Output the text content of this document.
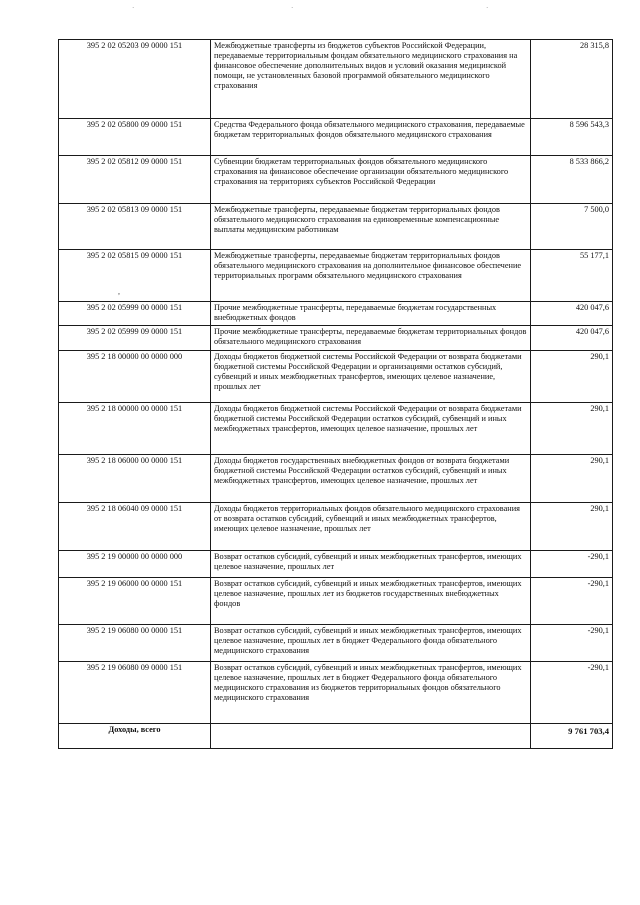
·	·	·
395 2 02 05203 09 0000 151	Межбюджетные трансферты из бюджетов субъектов Российской Федерации, передаваемые территориальным фондам обязательного медицинского страхования на финансовое обеспечение дополнительных видов и условий оказания медицинской помощи, не установленных базовой программой обязательного медицинского страхования	28 315,8
395 2 02 05800 09 0000 151	Средства Федерального фонда обязательного медицинского страхования, передаваемые бюджетам территориальных фондов обязательного медицинского страхования	8 596 543,3
395 2 02 05812 09 0000 151	Субвенции бюджетам территориальных фондов обязательного медицинского страхования на финансовое обеспечение организации обязательного медицинского страхования на территориях субъектов Российской Федерации	8 533 866,2
395 2 02 05813 09 0000 151	Межбюджетные трансферты, передаваемые бюджетам территориальных фондов обязательного медицинского страхования на единовременные компенсационные выплаты медицинским работникам	7 500,0
395 2 02 05815 09 0000 151	Межбюджетные трансферты, передаваемые бюджетам территориальных фондов обязательного медицинского страхования на дополнительное финансовое обеспечение территориальных программ обязательного медицинского страхования	55 177,1
395 2 02 05999 00 0000 151	Прочие межбюджетные трансферты, передаваемые бюджетам государственных внебюджетных фондов	420 047,6
395 2 02 05999 09 0000 151	Прочие межбюджетные трансферты, передаваемые бюджетам территориальных фондов обязательного медицинского страхования	420 047,6
395 2 18 00000 00 0000 000	Доходы бюджетов бюджетной системы Российской Федерации от возврата бюджетами бюджетной системы Российской Федерации и организациями остатков субсидий, субвенций и иных межбюджетных трансфертов, имеющих целевое назначение, прошлых лет	290,1
395 2 18 00000 00 0000 151	Доходы бюджетов бюджетной системы Российской Федерации от возврата бюджетами бюджетной системы Российской Федерации остатков субсидий, субвенций и иных межбюджетных трансфертов, имеющих целевое назначение, прошлых лет	290,1
395 2 18 06000 00 0000 151	Доходы бюджетов государственных внебюджетных фондов от возврата бюджетами бюджетной системы Российской Федерации остатков субсидий, субвенций и иных межбюджетных трансфертов, имеющих целевое назначение, прошлых лет	290,1
395 2 18 06040 09 0000 151	Доходы бюджетов территориальных фондов обязательного медицинского страхования от возврата остатков субсидий, субвенций и иных межбюджетных трансфертов, имеющих целевое назначение, прошлых лет	290,1
395 2 19 00000 00 0000 000	Возврат остатков субсидий, субвенций и иных межбюджетных трансфертов, имеющих целевое назначение, прошлых лет	-290,1
395 2 19 06000 00 0000 151	Возврат остатков субсидий, субвенций и иных межбюджетных трансфертов, имеющих целевое назначение, прошлых лет из бюджетов государственных внебюджетных фондов	-290,1
395 2 19 06080 00 0000 151	Возврат остатков субсидий, субвенций и иных межбюджетных трансфертов, имеющих целевое назначение, прошлых лет в бюджет Федерального фонда обязательного медицинского страхования	-290,1
395 2 19 06080 09 0000 151	Возврат остатков субсидий, субвенций и иных межбюджетных трансфертов, имеющих целевое назначение, прошлых лет в бюджет Федерального фонда обязательного медицинского страхования из бюджетов территориальных фондов обязательного медицинского страхования	-290,1
Доходы, всего		9 761 703,4
,
